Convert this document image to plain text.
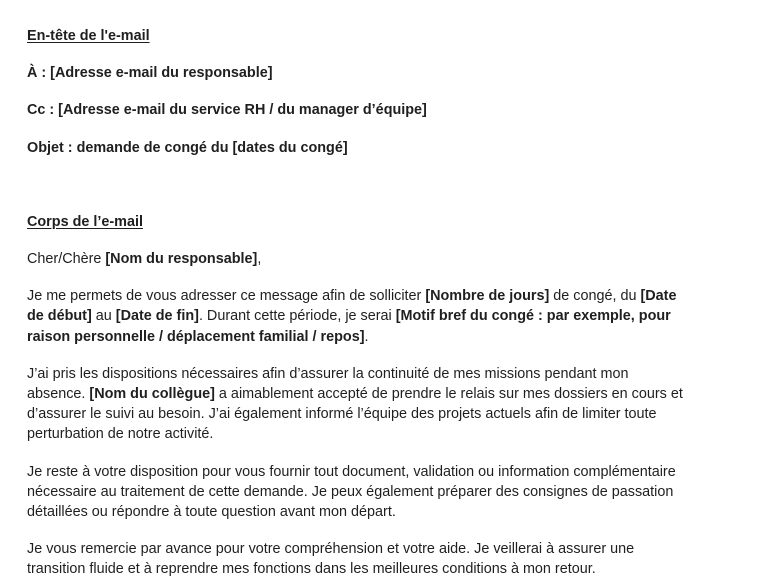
En-tête de l'e-mail

À : [Adresse e-mail du responsable]

Cc : [Adresse e-mail du service RH / du manager d’équipe]

Objet : demande de congé du [dates du congé]

Corps de l’e-mail

Cher/Chère [Nom du responsable],

Je me permets de vous adresser ce message afin de solliciter [Nombre de jours] de congé, du [Date de début] au [Date de fin]. Durant cette période, je serai [Motif bref du congé : par exemple, pour raison personnelle / déplacement familial / repos].

J’ai pris les dispositions nécessaires afin d’assurer la continuité de mes missions pendant mon absence. [Nom du collègue] a aimablement accepté de prendre le relais sur mes dossiers en cours et d’assurer le suivi au besoin. J’ai également informé l’équipe des projets actuels afin de limiter toute perturbation de notre activité.

Je reste à votre disposition pour vous fournir tout document, validation ou information complémentaire nécessaire au traitement de cette demande. Je peux également préparer des consignes de passation détaillées ou répondre à toute question avant mon départ.

Je vous remercie par avance pour votre compréhension et votre aide. Je veillerai à assurer une transition fluide et à reprendre mes fonctions dans les meilleures conditions à mon retour.
